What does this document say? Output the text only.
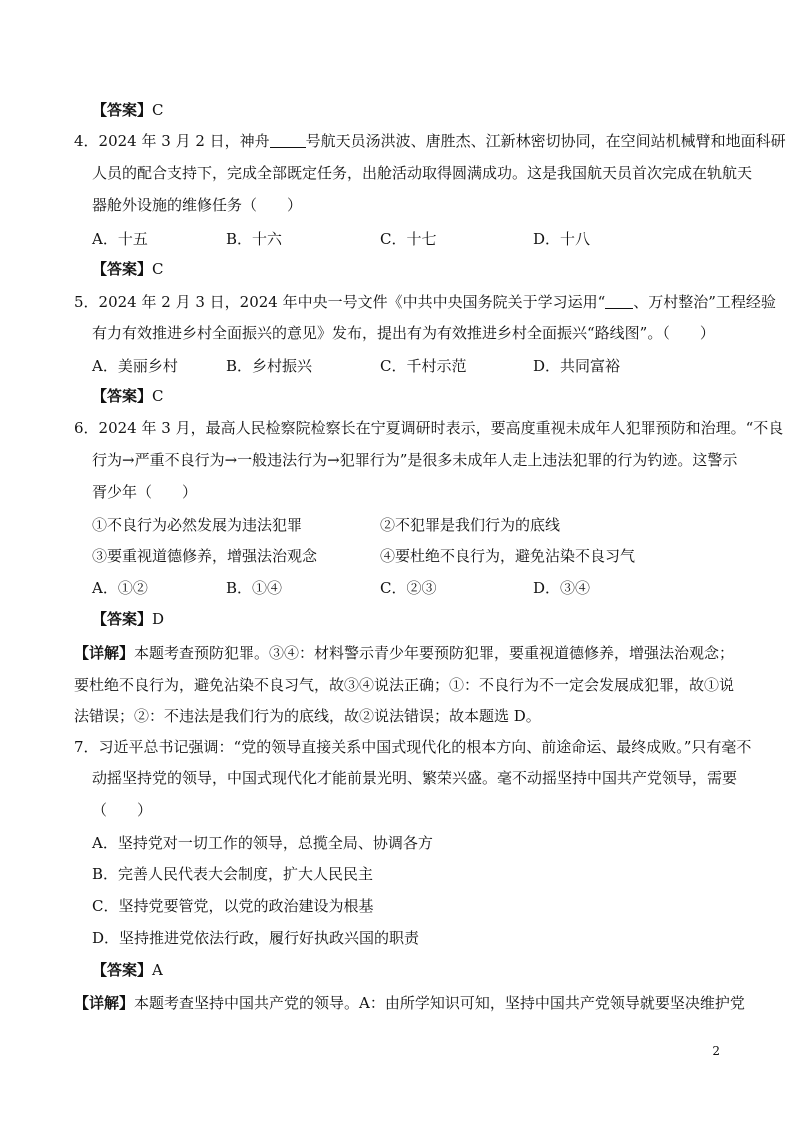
【答案】C
4．2024 年 3 月 2 日，神舟 号航天员汤洪波、唐胜杰、江新林密切协同，在空间站机械臂和地面科研
人员的配合支持下，完成全部既定任务，出舱活动取得圆满成功。这是我国航天员首次完成在轨航天
器舱外设施的维修任务（　　）
A．十五	B．十六	C．十七	D．十八
【答案】C
5．2024 年 2 月 3 日，2024 年中央一号文件《中共中央国务院关于学习运用“ 、万村整治”工程经验
有力有效推进乡村全面振兴的意见》发布，提出有为有效推进乡村全面振兴“路线图”。（　　）
A．美丽乡村	B．乡村振兴	C．千村示范	D．共同富裕
【答案】C
6．2024 年 3 月，最高人民检察院检察长在宁夏调研时表示，要高度重视未成年人犯罪预防和治理。“不良
行为→严重不良行为→一般违法行为→犯罪行为”是很多未成年人走上违法犯罪的行为钓迹。这警示
胥少年（　　）
①不良行为必然发展为违法犯罪	②不犯罪是我们行为的底线
③要重视道德修养，增强法治观念	④要杜绝不良行为，避免沾染不良习气
A．①②	B．①④	C．②③	D．③④
【答案】D
【详解】本题考查预防犯罪。③④：材料警示青少年要预防犯罪，要重视道德修养，增强法治观念；
要杜绝不良行为，避免沾染不良习气，故③④说法正确；①：不良行为不一定会发展成犯罪，故①说
法错误；②：不违法是我们行为的底线，故②说法错误；故本题选 D。
7．习近平总书记强调：“党的领导直接关系中国式现代化的根本方向、前途命运、最终成败。”只有毫不
动摇坚持党的领导，中国式现代化才能前景光明、繁荣兴盛。毫不动摇坚持中国共产党领导，需要
（　　）
A．坚持党对一切工作的领导，总揽全局、协调各方
B．完善人民代表大会制度，扩大人民民主
C．坚持党要管党，以党的政治建设为根基
D．坚持推进党依法行政，履行好执政兴国的职责
【答案】A
【详解】本题考查坚持中国共产党的领导。A：由所学知识可知，坚持中国共产党领导就要坚决维护党
2
